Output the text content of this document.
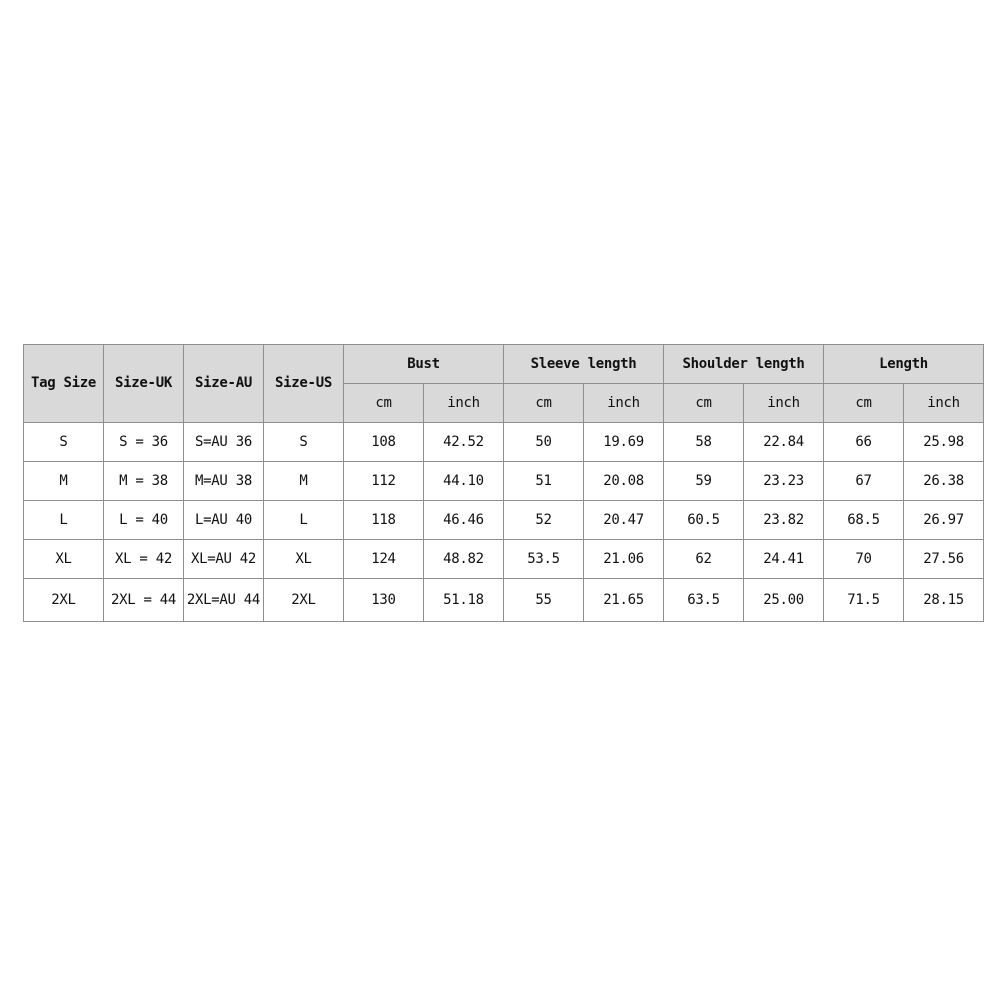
Tag Size	Size-UK	Size-AU	Size-US	Bust		Sleeve length		Shoulder length		Length	
				cm	inch	cm	inch	cm	inch	cm	inch
S	S = 36	S=AU 36	S	108	42.52	50	19.69	58	22.84	66	25.98
M	M = 38	M=AU 38	M	112	44.10	51	20.08	59	23.23	67	26.38
L	L = 40	L=AU 40	L	118	46.46	52	20.47	60.5	23.82	68.5	26.97
XL	XL = 42	XL=AU 42	XL	124	48.82	53.5	21.06	62	24.41	70	27.56
2XL	2XL = 44	2XL=AU 44	2XL	130	51.18	55	21.65	63.5	25.00	71.5	28.15
